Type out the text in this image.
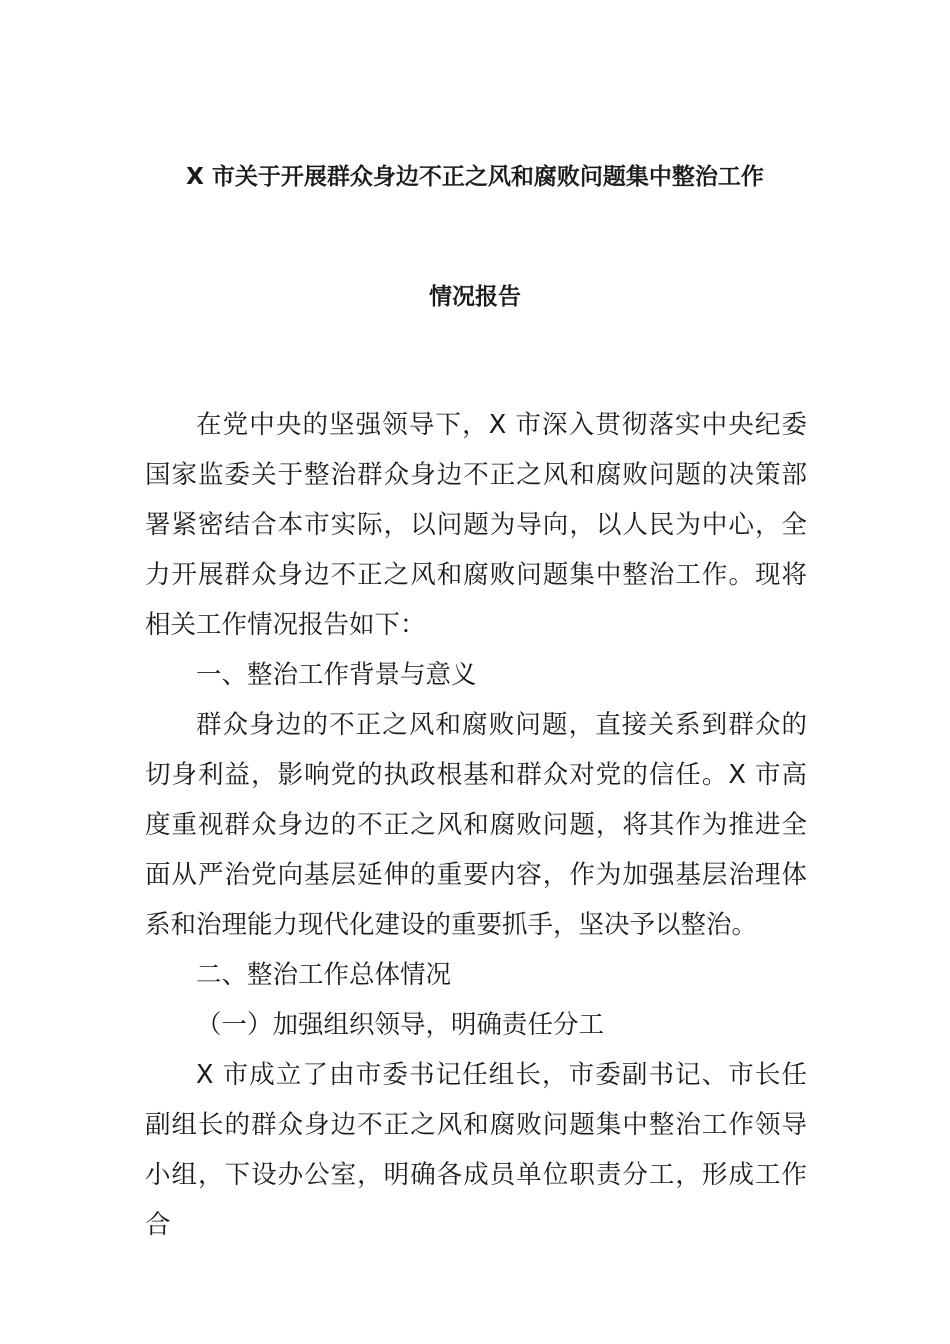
X 市关于开展群众身边不正之风和腐败问题集中整治工作
情况报告

在党中央的坚强领导下，X 市深入贯彻落实中央纪委国家监委关于整治群众身边不正之风和腐败问题的决策部署紧密结合本市实际，以问题为导向，以人民为中心，全力开展群众身边不正之风和腐败问题集中整治工作。现将相关工作情况报告如下：

一、整治工作背景与意义

群众身边的不正之风和腐败问题，直接关系到群众的切身利益，影响党的执政根基和群众对党的信任。X 市高度重视群众身边的不正之风和腐败问题，将其作为推进全面从严治党向基层延伸的重要内容，作为加强基层治理体系和治理能力现代化建设的重要抓手，坚决予以整治。

二、整治工作总体情况

（一）加强组织领导，明确责任分工

X 市成立了由市委书记任组长，市委副书记、市长任副组长的群众身边不正之风和腐败问题集中整治工作领导小组，下设办公室，明确各成员单位职责分工，形成工作合
